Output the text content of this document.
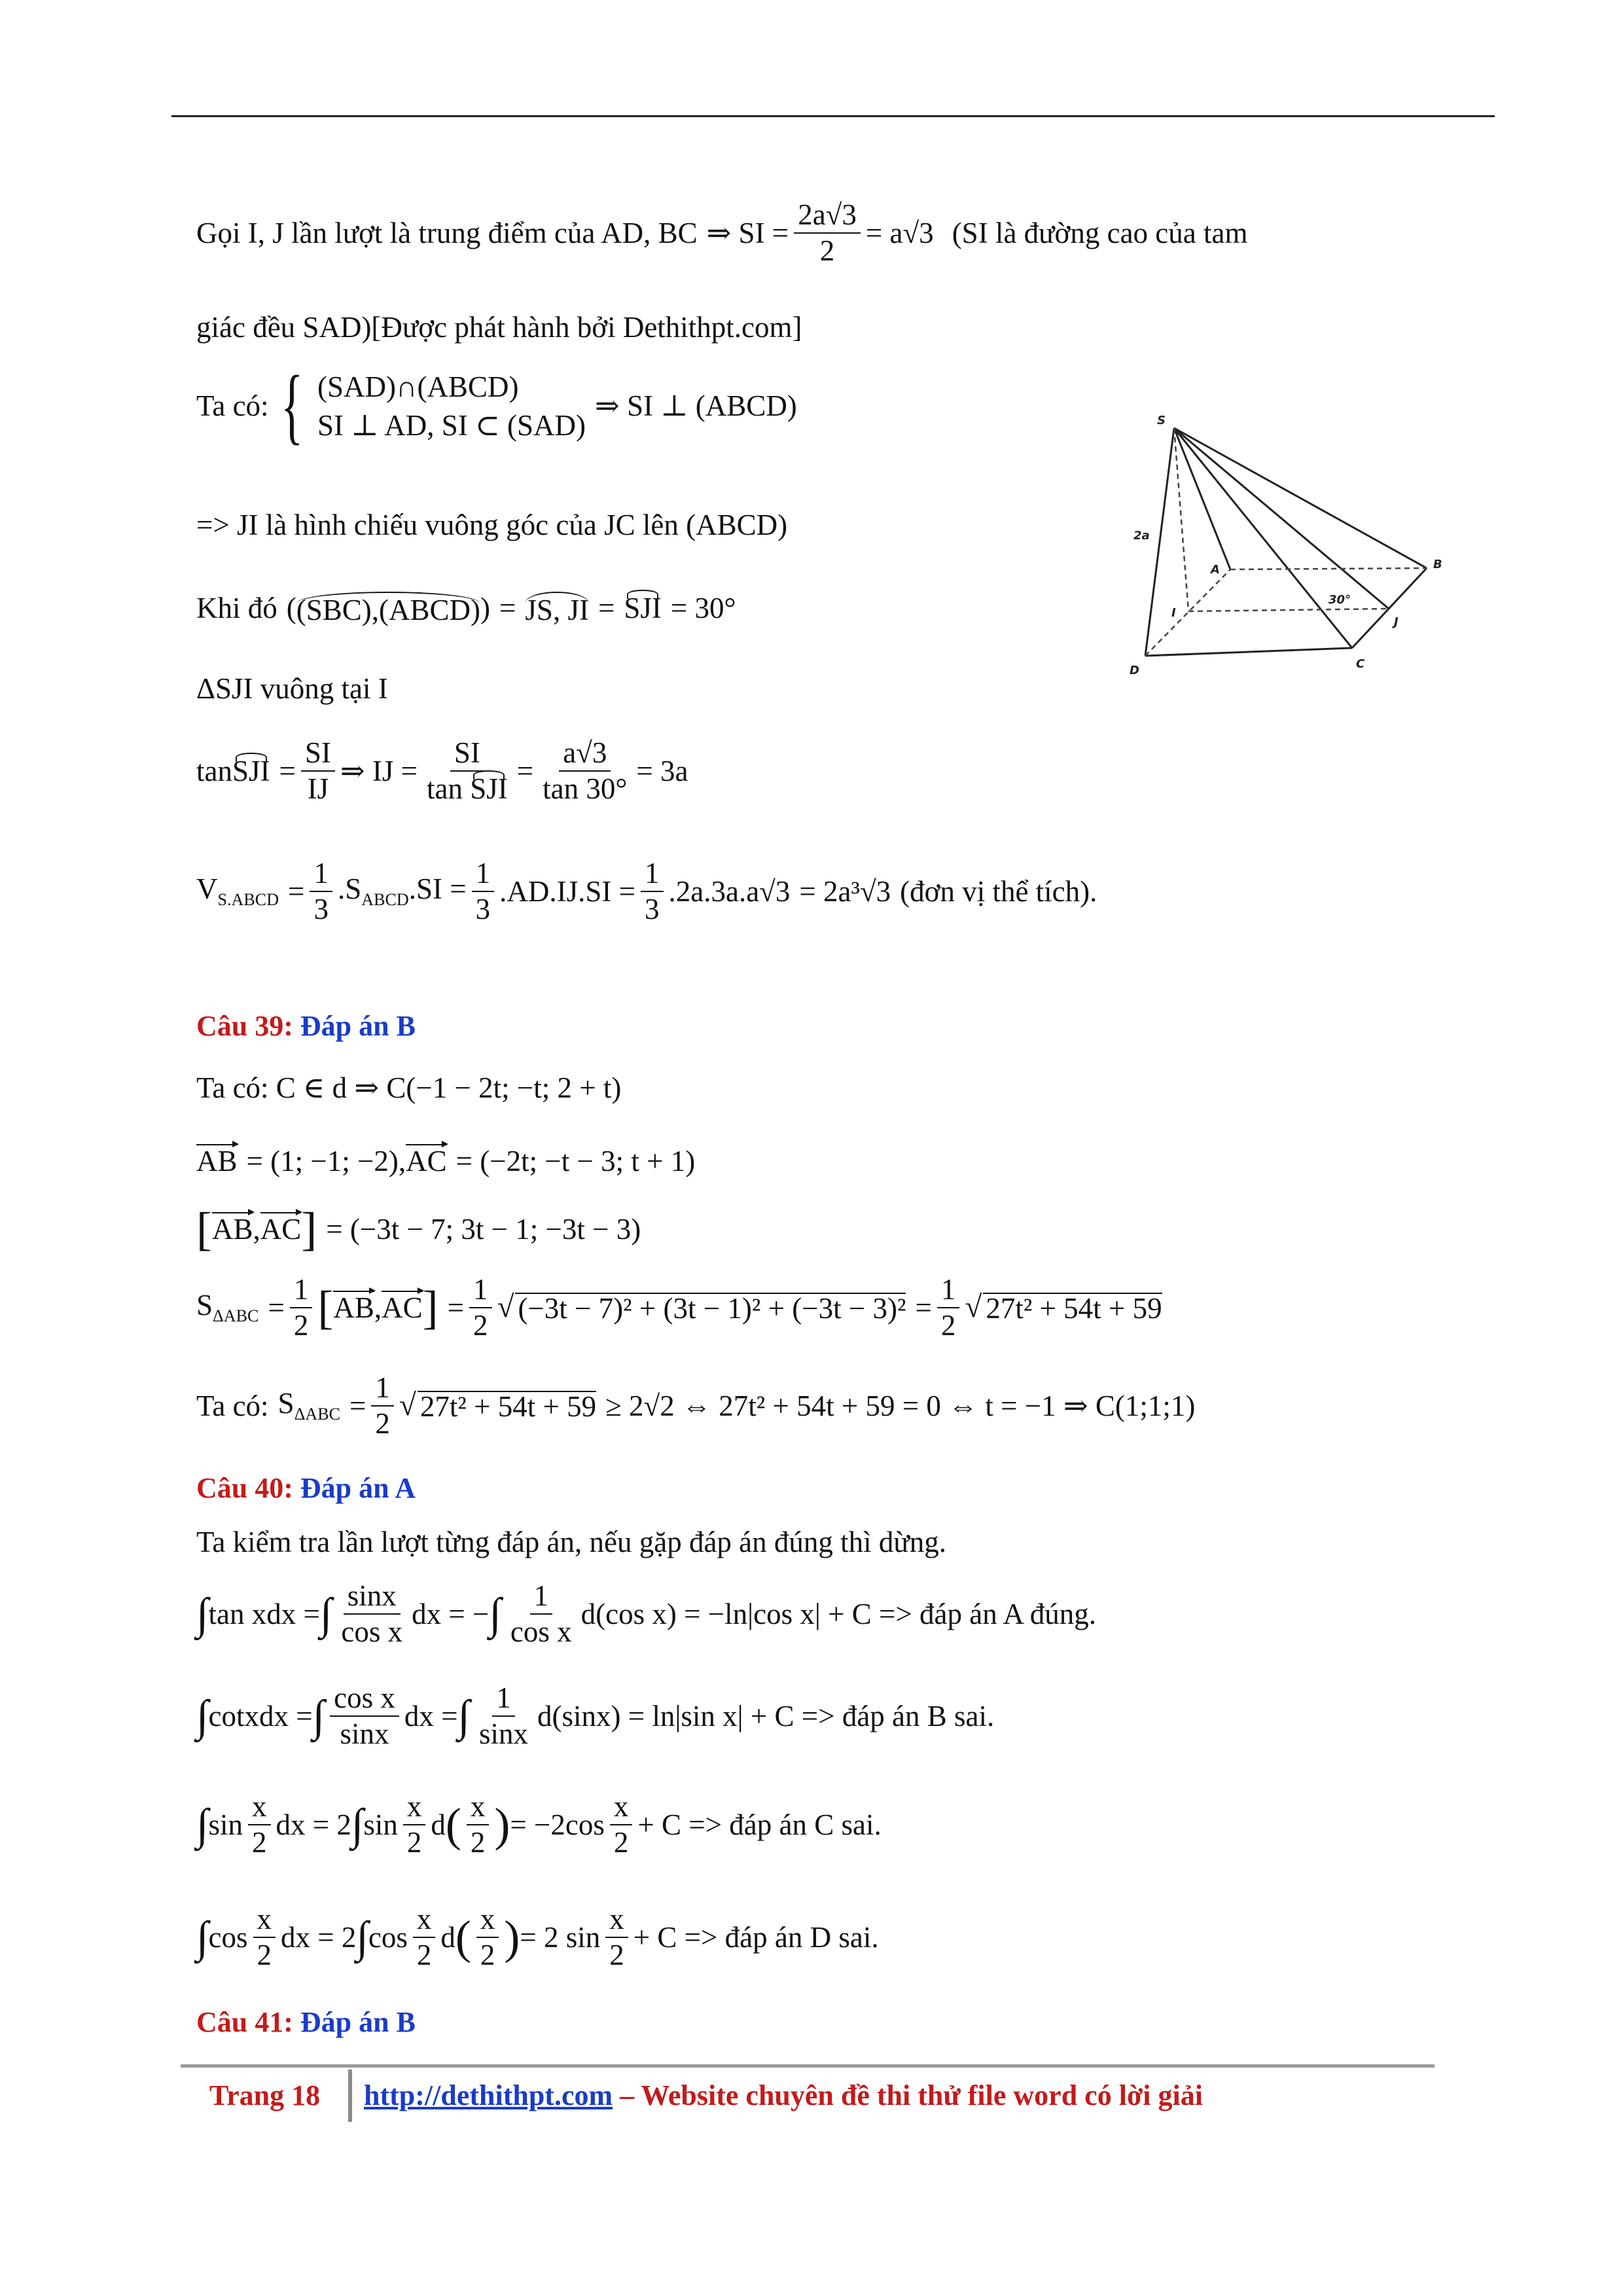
Gọi I, J lần lượt là trung điểm của AD, BC ⇒ SI = $\frac{2a√3}{2} = a√3$ (SI là đường cao của tam
giác đều SAD)[Được phát hành bởi Dethithpt.com]
Ta có: { (SAD)∩(ABCD)
SI ⊥ AD, SI ⊂ (SAD)
⇒ SI ⊥ (ABCD)
=> JI là hình chiếu vuông góc của JC lên (ABCD)
Khi đó ( (SBC),(ABCD) ) = JS, JI = SJI = 30°
ΔSJI vuông tại I
tan SJI = $\frac{SI}{IJ}$ ⇒ IJ = $\frac{SI}{\text{tan SJI}} = \frac{a√3}{\tan 30^\circ} = 3a$
$V_{S.ABCD} = \frac{1}{3} .S_{ABCD}.SI = \frac{1}{3} .AD.IJ.SI = \frac{1}{3} .2a.3a.a√3 = 2a^3√3$ (đơn vị thể tích).
Câu 39: Đáp án B
Ta có: C ∈ d ⇒ C(−1 − 2t; −t; 2 + t)
AB = (1; −1; −2), AC = (−2t; −t − 3; t + 1)
[ AB , AC ] = (−3t − 7; 3t − 1; −3t − 3)
$S_{\Delta ABC} = \frac{1}{2}$ [ AB , AC ] = $\frac{1}{2}$ √ $(-3t - 7)^2 + (3t - 1)^2 + (-3t - 3)^2 = \frac{1}{2}$ √ 27t² + 54t + 59
Ta có: $S_{\Delta ABC} = \frac{1}{2}$ √ 27t² + 54t + 59 ≥ 2√2 ⇔ 27t² + 54t + 59 = 0 ⇔ t = −1 ⇒ C(1;1;1)
Câu 40: Đáp án A
Ta kiểm tra lần lượt từng đáp án, nếu gặp đáp án đúng thì dừng.
∫ tan xdx = ∫ $\frac{\sin x}{\text{cos x}}$ dx = − ∫ $\frac{1}{\text{cos x}} d(\cos$ x) = −ln|cos x| + C => đáp án A đúng.
∫ cotxdx = ∫ $\frac{\text{cos x}}{\sin x}$ dx = ∫ $\frac{1}{\sin x} d(\sin x) = \ln|\sin$ x| + C => đáp án B sai.
∫ $\sin \frac{x}{2}$ dx = 2 ∫ $\sin \frac{x}{2}$ d ( $\frac{x}{2}$ ) = $-2\cos \frac{x}{2} + C$ => đáp án C sai.
∫ $\cos \frac{x}{2}$ dx = 2 ∫ $\cos \frac{x}{2}$ d ( $\frac{x}{2}$ ) = 2 $\sin \frac{x}{2} + C$ => đáp án D sai.
Câu 41: Đáp án B
S
A	B
C
D
I
J
2a
30°
Trang 18 http://dethithpt.com – Website chuyên đề thi thử file word có lời giải
